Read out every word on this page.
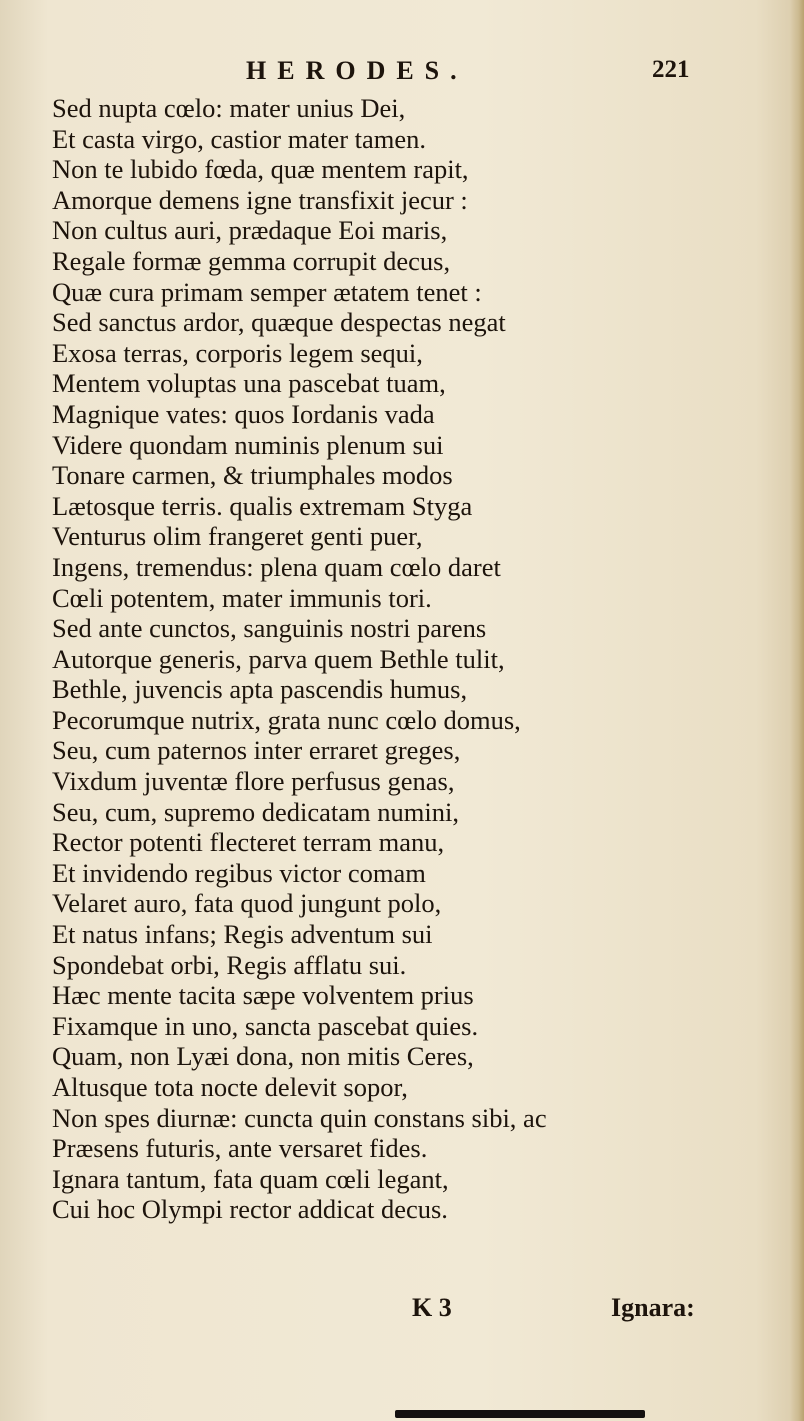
HERODES.	221
Sed nupta cœlo: mater unius Dei,
Et casta virgo, castior mater tamen.
Non te lubido fœda, quæ mentem rapit,
Amorque demens igne transfixit jecur :
Non cultus auri, prædaque Eoi maris,
Regale formæ gemma corrupit decus,
Quæ cura primam semper ætatem tenet :
Sed sanctus ardor, quæque despectas negat
Exosa terras, corporis legem sequi,
Mentem voluptas una pascebat tuam,
Magnique vates: quos Iordanis vada
Videre quondam numinis plenum sui
Tonare carmen, & triumphales modos
Lætosque terris. qualis extremam Styga
Venturus olim frangeret genti puer,
Ingens, tremendus: plena quam cœlo daret
Cœli potentem, mater immunis tori.
Sed ante cunctos, sanguinis nostri parens
Autorque generis, parva quem Bethle tulit,
Bethle, juvencis apta pascendis humus,
Pecorumque nutrix, grata nunc cœlo domus,
Seu, cum paternos inter erraret greges,
Vixdum juventæ flore perfusus genas,
Seu, cum, supremo dedicatam numini,
Rector potenti flecteret terram manu,
Et invidendo regibus victor comam
Velaret auro, fata quod jungunt polo,
Et natus infans; Regis adventum sui
Spondebat orbi, Regis afflatu sui.
Hæc mente tacita sæpe volventem prius
Fixamque in uno, sancta pascebat quies.
Quam, non Lyæi dona, non mitis Ceres,
Altusque tota nocte delevit sopor,
Non spes diurnæ: cuncta quin constans sibi, ac
Præsens futuris, ante versaret fides.
Ignara tantum, fata quam cœli legant,
Cui hoc Olympi rector addicat decus.
K 3	Ignara:
